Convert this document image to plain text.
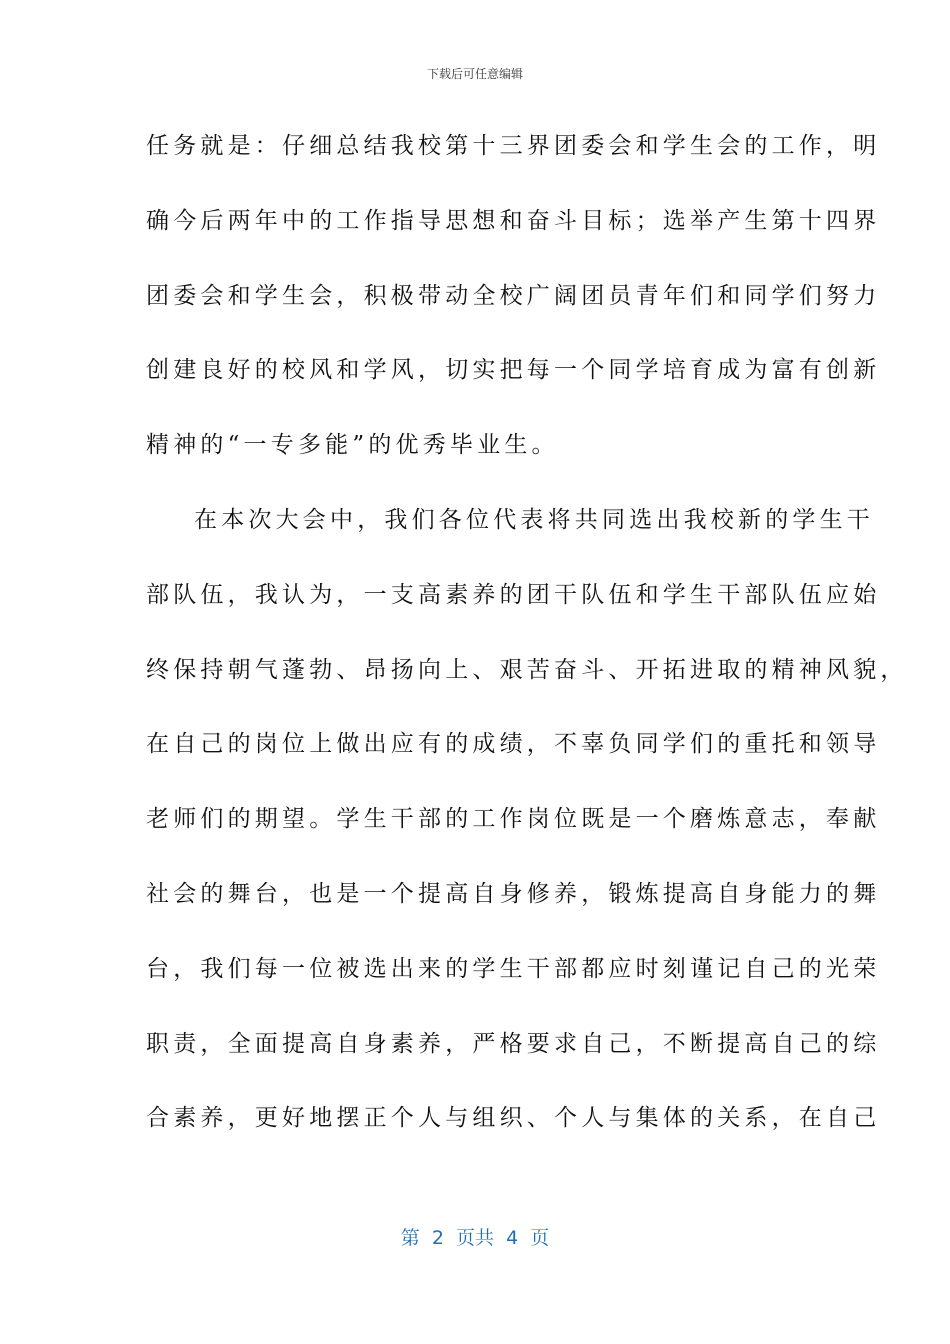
下载后可任意编辑
任务就是：仔细总结我校第十三界团委会和学生会的工作，明
确今后两年中的工作指导思想和奋斗目标；选举产生第十四界
团委会和学生会，积极带动全校广阔团员青年们和同学们努力
创建良好的校风和学风，切实把每一个同学培育成为富有创新
精神的“一专多能”的优秀毕业生。
在本次大会中，我们各位代表将共同选出我校新的学生干
部队伍，我认为，一支高素养的团干队伍和学生干部队伍应始
终保持朝气蓬勃、昂扬向上、艰苦奋斗、开拓进取的精神风貌，
在自己的岗位上做出应有的成绩，不辜负同学们的重托和领导
老师们的期望。学生干部的工作岗位既是一个磨炼意志，奉献
社会的舞台，也是一个提高自身修养，锻炼提高自身能力的舞
台，我们每一位被选出来的学生干部都应时刻谨记自己的光荣
职责，全面提高自身素养，严格要求自己，不断提高自己的综
合素养，更好地摆正个人与组织、个人与集体的关系，在自己
第  2  页共  4  页
